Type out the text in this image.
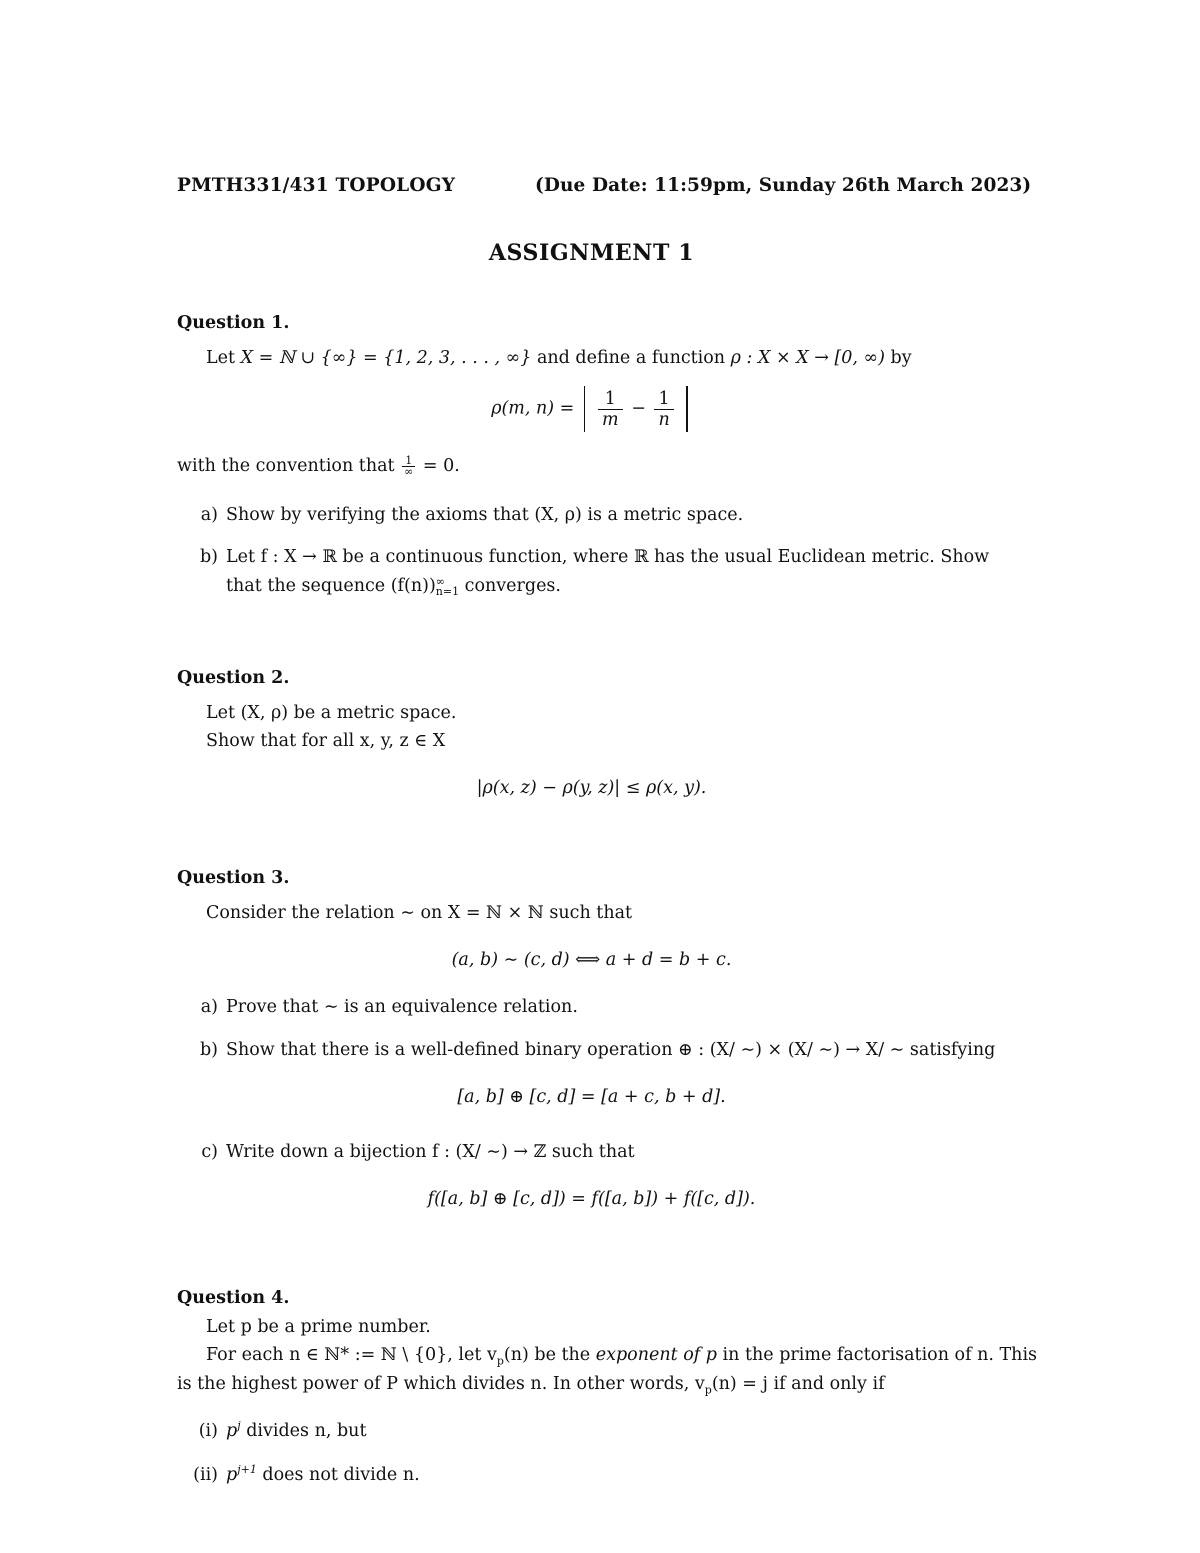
PMTH331/431 TOPOLOGY	(Due Date: 11:59pm, Sunday 26th March 2023)
ASSIGNMENT 1
Question 1.
Let X = ℕ ∪ {∞} = {1, 2, 3, . . . , ∞} and define a function ρ : X × X → [0, ∞) by
ρ(m, $n) = \frac{1}{m} - \frac{1}{n}$

with the convention that $\frac{1}{\infty} = 0$.
a) Show by verifying the axioms that (X, ρ) is a metric space.
b) Let f : X → ℝ be a continuous function, where ℝ has the usual Euclidean metric. Show
that the sequence (f(n)) ∞
n=1 converges.
Question 2.
Let (X, ρ) be a metric space.
Show that for all x, y, z ∈ X
|ρ(x, z) − ρ(y, z)| ≤ ρ(x, y).
Question 3.
Consider the relation ∼ on X = ℕ × ℕ such that
(a, b) ∼ (c, d) ⟺ a + d = b + c.
a) Prove that ∼ is an equivalence relation.
b) Show that there is a well-defined binary operation ⊕ : (X/ ∼) × (X/ ∼) → X/ ∼ satisfying
[a, b] ⊕ [c, d] = [a + c, b + d].
c) Write down a bijection f : (X/ ∼) → ℤ such that
f([a, b] ⊕ [c, d]) = f([a, b]) + f([c, d]).
Question 4.
Let p be a prime number.
For each n ∈ ℕ* := ℕ \ {0}, let $v_p(n)$ be the exponent of p in the prime factorisation of n. This
is the highest power of P which divides n. In other words, $v_p(n) = j$ if and only if
(i) $p^j$ divides n, but
(ii) $p^{j+1}$ does not divide n.
